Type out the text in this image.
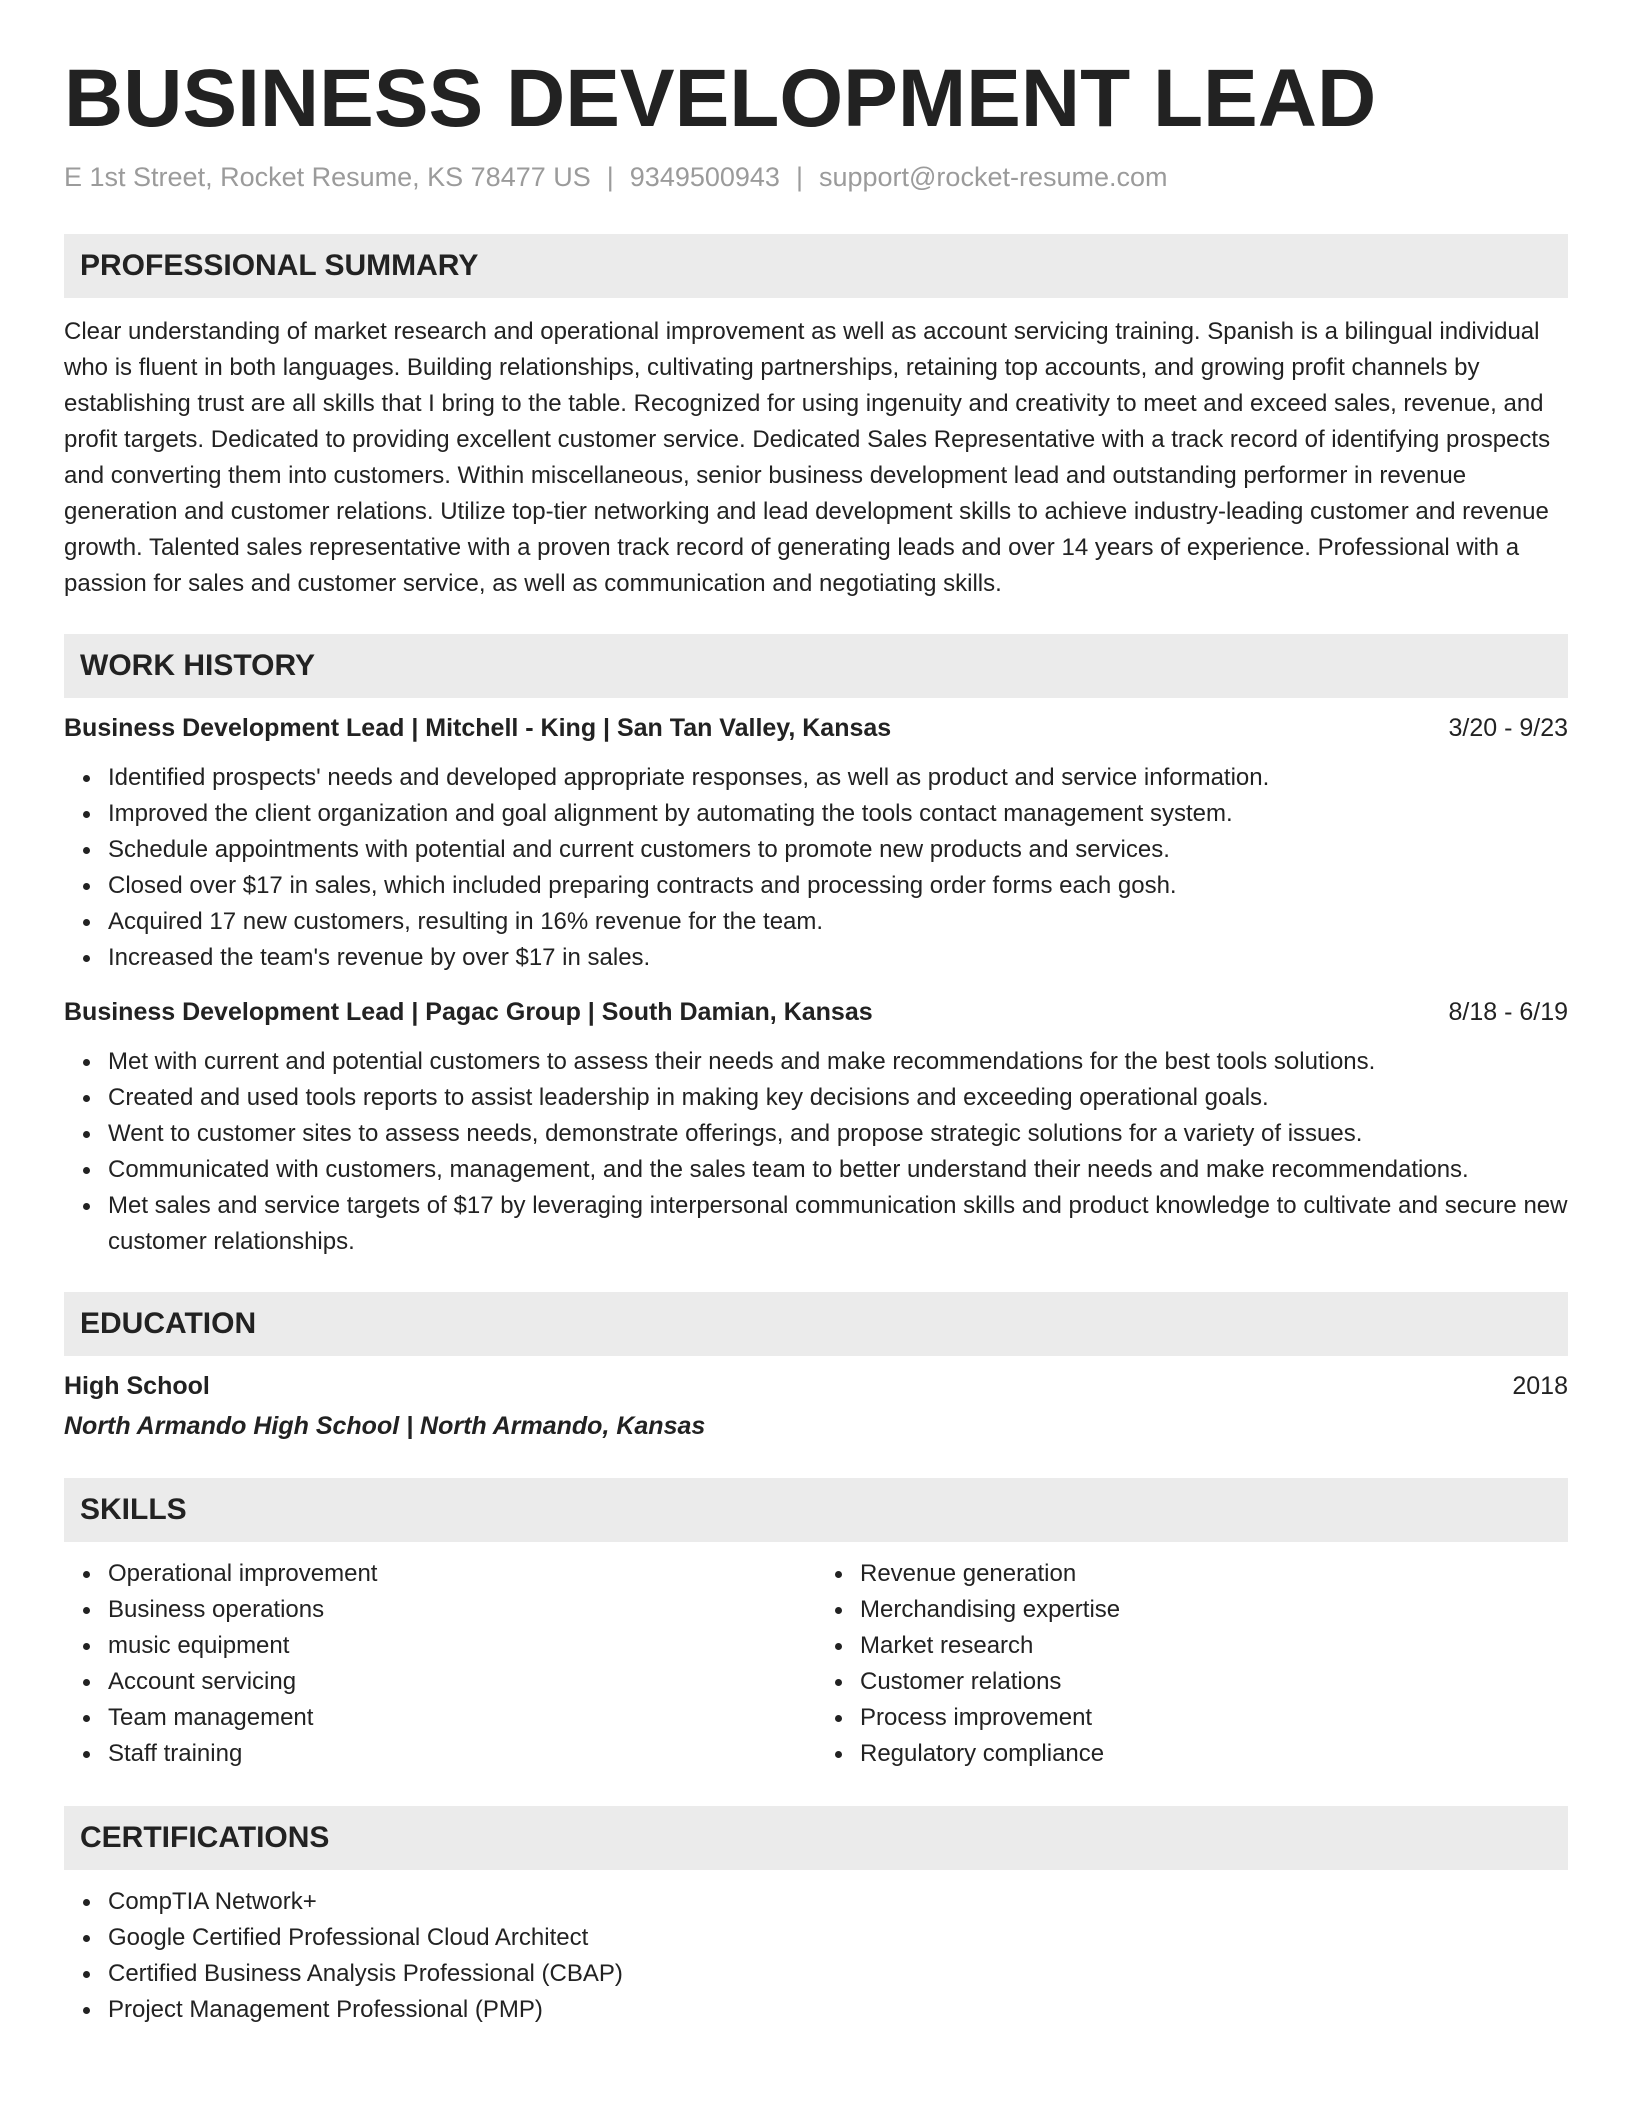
BUSINESS DEVELOPMENT LEAD
E 1st Street, Rocket Resume, KS 78477 US | 9349500943 | support@rocket-resume.com
PROFESSIONAL SUMMARY

Clear understanding of market research and operational improvement as well as account servicing training. Spanish is a bilingual individual who is fluent in both languages. Building relationships, cultivating partnerships, retaining top accounts, and growing profit channels by establishing trust are all skills that I bring to the table. Recognized for using ingenuity and creativity to meet and exceed sales, revenue, and profit targets. Dedicated to providing excellent customer service. Dedicated Sales Representative with a track record of identifying prospects and converting them into customers. Within miscellaneous, senior business development lead and outstanding performer in revenue generation and customer relations. Utilize top-tier networking and lead development skills to achieve industry-leading customer and revenue growth. Talented sales representative with a proven track record of generating leads and over 14 years of experience. Professional with a passion for sales and customer service, as well as communication and negotiating skills.

WORK HISTORY
Business Development Lead | Mitchell - King | San Tan Valley, Kansas	3/20 - 9/23
Identified prospects' needs and developed appropriate responses, as well as product and service information.
Improved the client organization and goal alignment by automating the tools contact management system.
Schedule appointments with potential and current customers to promote new products and services.
Closed over $17 in sales, which included preparing contracts and processing order forms each gosh.
Acquired 17 new customers, resulting in 16% revenue for the team.
Increased the team's revenue by over $17 in sales.
Business Development Lead | Pagac Group | South Damian, Kansas	8/18 - 6/19
Met with current and potential customers to assess their needs and make recommendations for the best tools solutions.
Created and used tools reports to assist leadership in making key decisions and exceeding operational goals.
Went to customer sites to assess needs, demonstrate offerings, and propose strategic solutions for a variety of issues.
Communicated with customers, management, and the sales team to better understand their needs and make recommendations.
Met sales and service targets of $17 by leveraging interpersonal communication skills and product knowledge to cultivate and secure new customer relationships.
EDUCATION
High School	2018
North Armando High School | North Armando, Kansas
SKILLS
Operational improvement
Business operations
music equipment
Account servicing
Team management
Staff training
Revenue generation
Merchandising expertise
Market research
Customer relations
Process improvement
Regulatory compliance
CERTIFICATIONS
CompTIA Network+
Google Certified Professional Cloud Architect
Certified Business Analysis Professional (CBAP)
Project Management Professional (PMP)
